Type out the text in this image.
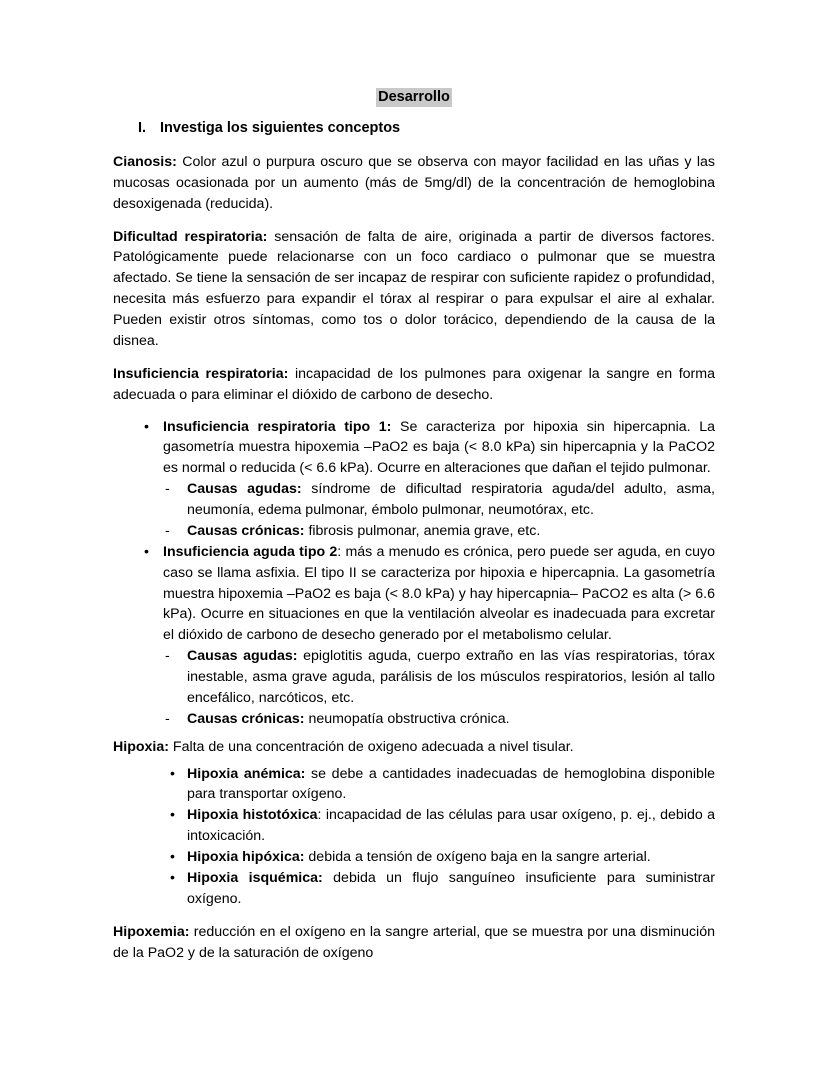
Desarrollo
I. Investiga los siguientes conceptos

Cianosis: Color azul o purpura oscuro que se observa con mayor facilidad en las uñas y las mucosas ocasionada por un aumento (más de 5mg/dl) de la concentración de hemoglobina desoxigenada (reducida).

Dificultad respiratoria: sensación de falta de aire, originada a partir de diversos factores. Patológicamente puede relacionarse con un foco cardiaco o pulmonar que se muestra afectado. Se tiene la sensación de ser incapaz de respirar con suficiente rapidez o profundidad, necesita más esfuerzo para expandir el tórax al respirar o para expulsar el aire al exhalar. Pueden existir otros síntomas, como tos o dolor torácico, dependiendo de la causa de la disnea.

Insuficiencia respiratoria: incapacidad de los pulmones para oxigenar la sangre en forma adecuada o para eliminar el dióxido de carbono de desecho.

• Insuficiencia respiratoria tipo 1: Se caracteriza por hipoxia sin hipercapnia. La gasometría muestra hipoxemia –PaO2 es baja (< 8.0 kPa) sin hipercapnia y la PaCO2 es normal o reducida (< 6.6 kPa). Ocurre en alteraciones que dañan el tejido pulmonar.
- Causas agudas: síndrome de dificultad respiratoria aguda/del adulto, asma, neumonía, edema pulmonar, émbolo pulmonar, neumotórax, etc.
- Causas crónicas: fibrosis pulmonar, anemia grave, etc.
• Insuficiencia aguda tipo 2: más a menudo es crónica, pero puede ser aguda, en cuyo caso se llama asfixia. El tipo II se caracteriza por hipoxia e hipercapnia. La gasometría muestra hipoxemia –PaO2 es baja (< 8.0 kPa) y hay hipercapnia– PaCO2 es alta (> 6.6 kPa). Ocurre en situaciones en que la ventilación alveolar es inadecuada para excretar el dióxido de carbono de desecho generado por el metabolismo celular.
- Causas agudas: epiglotitis aguda, cuerpo extraño en las vías respiratorias, tórax inestable, asma grave aguda, parálisis de los músculos respiratorios, lesión al tallo encefálico, narcóticos, etc.
- Causas crónicas: neumopatía obstructiva crónica.

Hipoxia: Falta de una concentración de oxigeno adecuada a nivel tisular.

• Hipoxia anémica: se debe a cantidades inadecuadas de hemoglobina disponible para transportar oxígeno.
• Hipoxia histotóxica: incapacidad de las células para usar oxígeno, p. ej., debido a intoxicación.
• Hipoxia hipóxica: debida a tensión de oxígeno baja en la sangre arterial.
• Hipoxia isquémica: debida un flujo sanguíneo insuficiente para suministrar oxígeno.

Hipoxemia: reducción en el oxígeno en la sangre arterial, que se muestra por una disminución de la PaO2 y de la saturación de oxígeno
